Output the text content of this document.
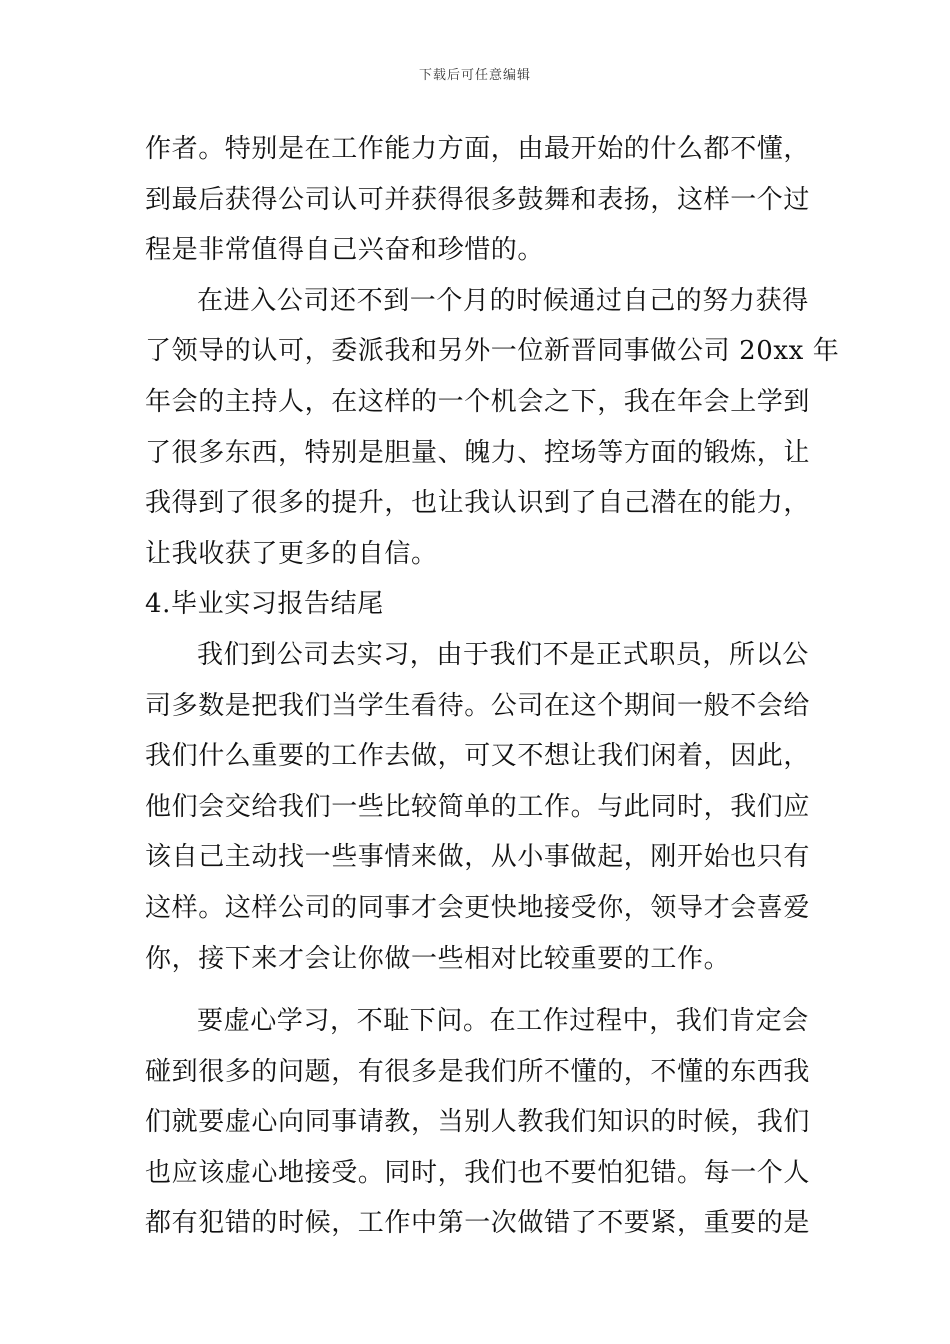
下载后可任意编辑
作者。特别是在工作能力方面，由最开始的什么都不懂，
到最后获得公司认可并获得很多鼓舞和表扬，这样一个过
程是非常值得自己兴奋和珍惜的。
在进入公司还不到一个月的时候通过自己的努力获得
了领导的认可，委派我和另外一位新晋同事做公司 20xx 年
年会的主持人，在这样的一个机会之下，我在年会上学到
了很多东西，特别是胆量、魄力、控场等方面的锻炼，让
我得到了很多的提升，也让我认识到了自己潜在的能力，
让我收获了更多的自信。
4.毕业实习报告结尾
我们到公司去实习，由于我们不是正式职员，所以公
司多数是把我们当学生看待。公司在这个期间一般不会给
我们什么重要的工作去做，可又不想让我们闲着，因此，
他们会交给我们一些比较简单的工作。与此同时，我们应
该自己主动找一些事情来做，从小事做起，刚开始也只有
这样。这样公司的同事才会更快地接受你，领导才会喜爱
你，接下来才会让你做一些相对比较重要的工作。
要虚心学习，不耻下问。在工作过程中，我们肯定会
碰到很多的问题，有很多是我们所不懂的，不懂的东西我
们就要虚心向同事请教，当别人教我们知识的时候，我们
也应该虚心地接受。同时，我们也不要怕犯错。每一个人
都有犯错的时候，工作中第一次做错了不要紧，重要的是
